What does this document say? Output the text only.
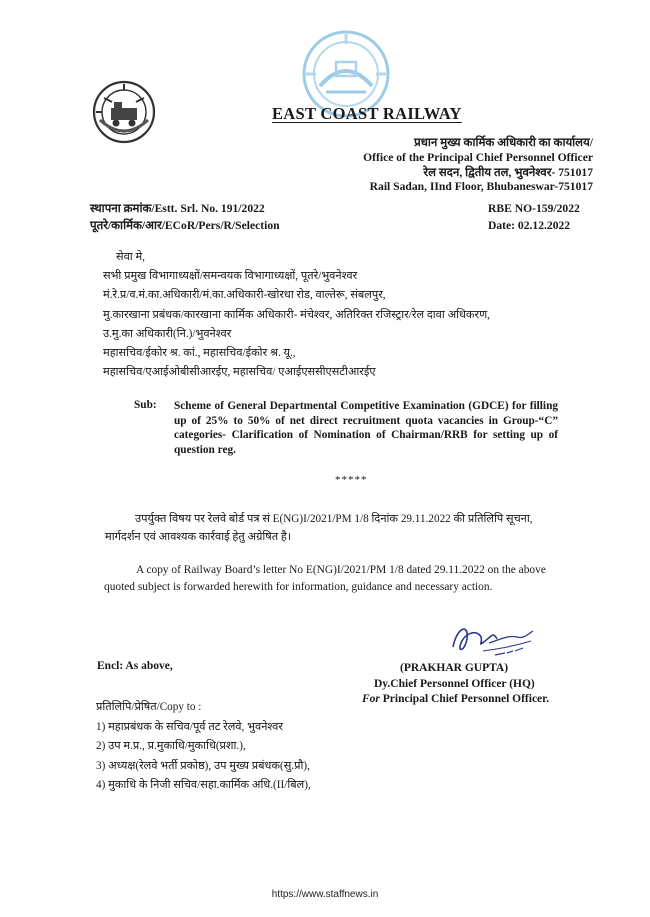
EAST COAST RAILWAY
प्रधान मुख्य कार्मिक अधिकारी का कार्यालय/
Office of the Principal Chief Personnel Officer
रेल सदन, द्वितीय तल, भुवनेश्वर- 751017
Rail Sadan, IInd Floor, Bhubaneswar-751017
स्थापना क्रमांक/Estt. Srl. No. 191/2022
पूतरे/कार्मिक/आर/ECoR/Pers/R/Selection
RBE NO-159/2022
Date: 02.12.2022
सेवा मे,
सभी प्रमुख विभागाध्यक्षों/समन्वयक विभागाध्यक्षों, पूतरे/भुवनेश्वर
मं.रे.प्र/व.मं.का.अधिकारी/मं.का.अधिकारी-खोरधा रोड, वाल्तेरू, संबलपुर,
मु.कारखाना प्रबंधक/कारखाना कार्मिक अधिकारी- मंचेश्वर, अतिरिक्त रजिस्ट्रार/रेल दावा अधिकरण,
उ.मु.का अधिकारी(नि.)/भुवनेश्वर
महासचिव/ईकोर श्र. कां., महासचिव/ईकोर श्र. यू.,
महासचिव/एआईओबीसीआरईए, महासचिव/ एआईएससीएसटीआरईए
Sub: Scheme of General Departmental Competitive Examination (GDCE) for filling up of 25% to 50% of net direct recruitment quota vacancies in Group-“C” categories- Clarification of Nomination of Chairman/RRB for setting up of question reg.
*****
उपर्युक्त विषय पर रेलवे बोर्ड पत्र सं E(NG)I/2021/PM 1/8 दिनांक 29.11.2022 की प्रतिलिपि सूचना,
मार्गदर्शन एवं आवश्यक कार्रवाई हेतु अग्रेषित है।
A copy of Railway Board’s letter No E(NG)I/2021/PM 1/8 dated 29.11.2022 on the above
quoted subject is forwarded herewith for information, guidance and necessary action.
Encl: As above,	(PRAKHAR GUPTA)
Dy.Chief Personnel Officer (HQ)
For Principal Chief Personnel Officer.
प्रतिलिपि/प्रेषित/Copy to :
1) महाप्रबंधक के सचिव/पूर्व तट रेलवे, भुवनेश्वर
2) उप म.प्र., प्र.मुकाधि/मुकाधि(प्रशा.),
3) अध्यक्ष(रेलवे भर्ती प्रकोष्ठ), उप मुख्य प्रबंधक(सु.प्रौ),
4) मुकाधि के निजी सचिव/सहा.कार्मिक अधि.(II/बिल),
https://www.staffnews.in
